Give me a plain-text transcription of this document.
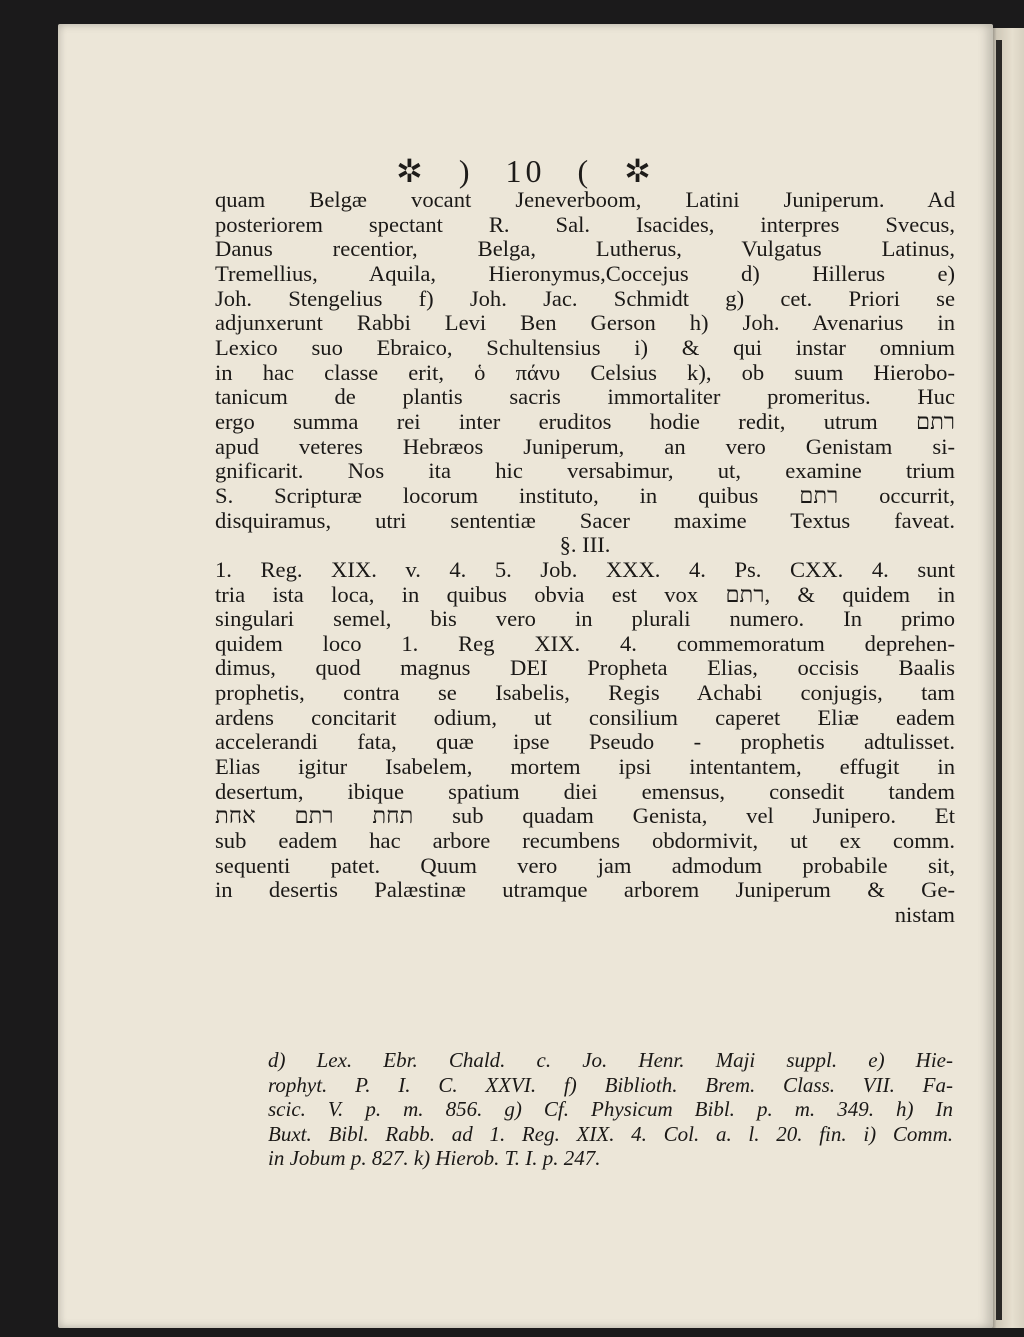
✲ ) 10 ( ✲
quam Belgæ vocant Jeneverboom, Latini Juniperum. Ad
posteriorem spectant R. Sal. Isacides, interpres Svecus,
Danus recentior, Belga, Lutherus, Vulgatus Latinus,
Tremellius, Aquila, Hieronymus,Coccejus d) Hillerus e)
Joh. Stengelius f) Joh. Jac. Schmidt g) cet. Priori se
adjunxerunt Rabbi Levi Ben Gerson h) Joh. Avenarius in
Lexico suo Ebraico, Schultensius i) & qui instar omnium
in hac classe erit, ὁ πάνυ Celsius k), ob suum Hierobo-
tanicum de plantis sacris immortaliter promeritus. Huc
ergo summa rei inter eruditos hodie redit, utrum רתם
apud veteres Hebræos Juniperum, an vero Genistam si-
gnificarit. Nos ita hic versabimur, ut, examine trium
S. Scripturæ locorum instituto, in quibus רתם occurrit,
disquiramus, utri sententiæ Sacer maxime Textus faveat.
§. III.
1. Reg. XIX. v. 4. 5. Job. XXX. 4. Ps. CXX. 4. sunt
tria ista loca, in quibus obvia est vox רתם, & quidem in
singulari semel, bis vero in plurali numero. In primo
quidem loco 1. Reg XIX. 4. commemoratum deprehen-
dimus, quod magnus DEI Propheta Elias, occisis Baalis
prophetis, contra se Isabelis, Regis Achabi conjugis, tam
ardens concitarit odium, ut consilium caperet Eliæ eadem
accelerandi fata, quæ ipse Pseudo - prophetis adtulisset.
Elias igitur Isabelem, mortem ipsi intentantem, effugit in
desertum, ibique spatium diei emensus, consedit tandem
תחת רתם אחת sub quadam Genista, vel Junipero. Et
sub eadem hac arbore recumbens obdormivit, ut ex comm.
sequenti patet. Quum vero jam admodum probabile sit,
in desertis Palæstinæ utramque arborem Juniperum & Ge-
nistam
d) Lex. Ebr. Chald. c. Jo. Henr. Maji suppl. e) Hie-
rophyt. P. I. C. XXVI. f) Biblioth. Brem. Class. VII. Fa-
scic. V. p. m. 856. g) Cf. Physicum Bibl. p. m. 349. h) In
Buxt. Bibl. Rabb. ad 1. Reg. XIX. 4. Col. a. l. 20. fin. i) Comm.
in Jobum p. 827. k) Hierob. T. I. p. 247.
